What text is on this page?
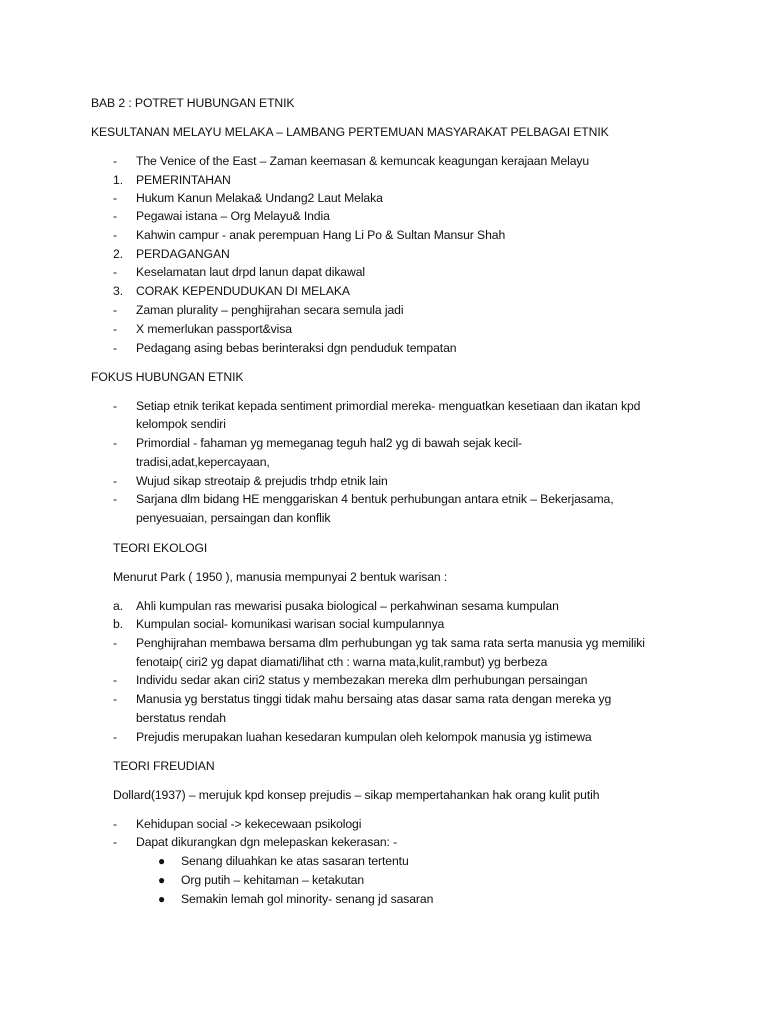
BAB 2 : POTRET HUBUNGAN ETNIK
KESULTANAN MELAYU MELAKA – LAMBANG PERTEMUAN MASYARAKAT PELBAGAI ETNIK
- The Venice of the East – Zaman keemasan & kemuncak keagungan kerajaan Melayu
1. PEMERINTAHAN
- Hukum Kanun Melaka& Undang2 Laut Melaka
- Pegawai istana – Org Melayu& India
- Kahwin campur - anak perempuan Hang Li Po & Sultan Mansur Shah
2. PERDAGANGAN
- Keselamatan laut drpd lanun dapat dikawal
3. CORAK KEPENDUDUKAN DI MELAKA
- Zaman plurality – penghijrahan secara semula jadi
- X memerlukan passport&visa
- Pedagang asing bebas berinteraksi dgn penduduk tempatan
FOKUS HUBUNGAN ETNIK
- Setiap etnik terikat kepada sentiment primordial mereka- menguatkan kesetiaan dan ikatan kpd
kelompok sendiri
- Primordial - fahaman yg memeganag teguh hal2 yg di bawah sejak kecil-
tradisi,adat,kepercayaan,
- Wujud sikap streotaip & prejudis trhdp etnik lain
- Sarjana dlm bidang HE menggariskan 4 bentuk perhubungan antara etnik – Bekerjasama,
penyesuaian, persaingan dan konflik
TEORI EKOLOGI
Menurut Park ( 1950 ), manusia mempunyai 2 bentuk warisan :
a. Ahli kumpulan ras mewarisi pusaka biological – perkahwinan sesama kumpulan
b. Kumpulan social- komunikasi warisan social kumpulannya
- Penghijrahan membawa bersama dlm perhubungan yg tak sama rata serta manusia yg memiliki
fenotaip( ciri2 yg dapat diamati/lihat cth : warna mata,kulit,rambut) yg berbeza
- Individu sedar akan ciri2 status y membezakan mereka dlm perhubungan persaingan
- Manusia yg berstatus tinggi tidak mahu bersaing atas dasar sama rata dengan mereka yg
berstatus rendah
- Prejudis merupakan luahan kesedaran kumpulan oleh kelompok manusia yg istimewa
TEORI FREUDIAN
Dollard(1937) – merujuk kpd konsep prejudis – sikap mempertahankan hak orang kulit putih
- Kehidupan social -> kekecewaan psikologi
- Dapat dikurangkan dgn melepaskan kekerasan: -
● Senang diluahkan ke atas sasaran tertentu
● Org putih – kehitaman – ketakutan
● Semakin lemah gol minority- senang jd sasaran
